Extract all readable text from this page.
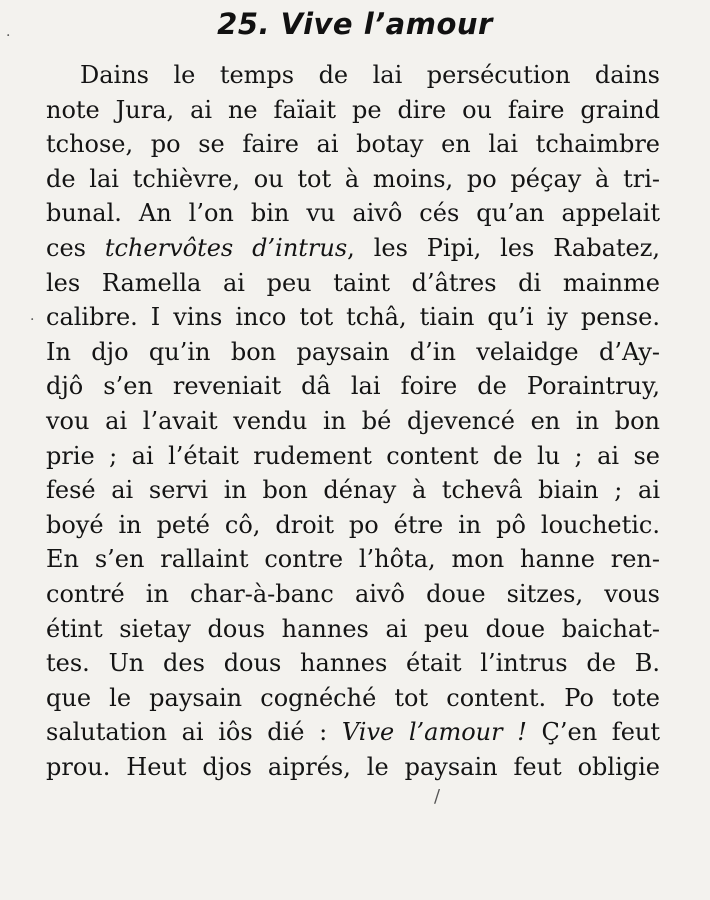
25. Vive l’amour
Dains le temps de lai persécution dains
note Jura, ai ne faïait pe dire ou faire graind
tchose, po se faire ai botay en lai tchaimbre
de lai tchièvre, ou tot à moins, po péçay à tri-
bunal. An l’on bin vu aivô cés qu’an appelait
ces tchervôtes d’intrus, les Pipi, les Rabatez,
les Ramella ai peu taint d’âtres di mainme
calibre. I vins inco tot tchâ, tiain qu’i iy pense.
In djo qu’in bon paysain d’in velaidge d’Ay-
djô s’en reveniait dâ lai foire de Poraintruy,
vou ai l’avait vendu in bé djevencé en in bon
prie ; ai l’était rudement content de lu ; ai se
fesé ai servi in bon dénay à tchevâ biain ; ai
boyé in peté cô, droit po étre in pô louchetic.
En s’en rallaint contre l’hôta, mon hanne ren-
contré in char-à-banc aivô doue sitzes, vous
étint sietay dous hannes ai peu doue baichat-
tes. Un des dous hannes était l’intrus de B.
que le paysain cognéché tot content. Po tote
salutation ai iôs dié : Vive l’amour ! Ç’en feut
prou. Heut djos aiprés, le paysain feut obligie
·
·
/
